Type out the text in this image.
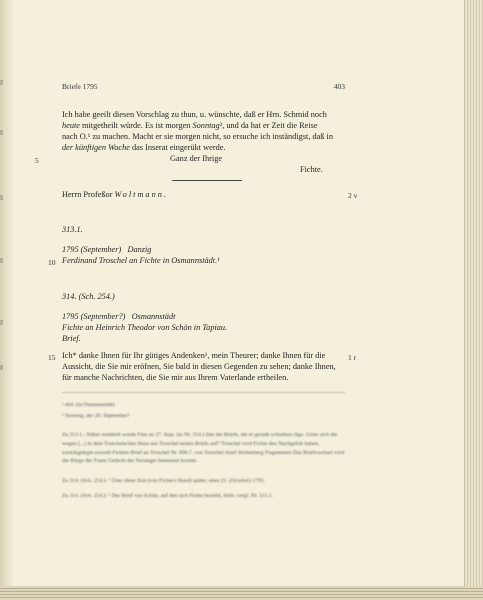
Briefe 1795	403
Ich habe geeilt diesen Vorschlag zu thun, u. wünschte, daß er Hrn. Schmid noch
heute mitgetheilt würde. Es ist morgen Sonntag², und da hat er Zeit die Reise
nach O.¹ zu machen. Macht er sie morgen nicht, so ersuche ich inständigst, daß in
der künftigen Woche das Inserat eingerükt werde.
Ganz der Ihrige
5
Fichte.
Herrn Profeßor Woltmann.	2 v
313.1.
1795 (September) Danzig
Ferdinand Troschel an Fichte in Osmannstädt.¹
10
314. (Sch. 254.)
1795 (September?) Osmannstädt
Fichte an Heinrich Theodor von Schön in Tapiau.
Brief.
Ich* danke Ihnen für Ihr gütiges Andenken¹, mein Theurer; danke Ihnen für die
15	1 r
Aussicht, die Sie mir eröfnen, Sie bald in diesen Gegenden zu sehen; danke Ihnen,
für manche Nachrichten, die Sie mir aus Ihrem Vaterlande ertheilen.
¹ ebd. (in Osmannstädt)
² Sonntag, der 20. September?
Zu 313.1.: Näher ermittelt wurde Fine an 27. Sept. (in Nr. 314.) ihm die Briefe, die er gerade schreiben läge. Unter sich die wegen [...] in dem Troschelschen Haus aus Troschel seines Briefs auf? Troschel wird Fichte den Nachgefolt haben, zurückgelegte sowohl Fichten Brief an Troschel Nr. 096.7. von Troschel Josef Stoltenberg Fragmenten Das Briefwechsel wird die Bürge der Franz Gedicht der Noranger benennen konnte.
Zu 314. (Sch. 254.): ¹ Über diese Zeit (von Fichte's Hand) später, eben 21. (October) 1795.
Zu 314. (Sch. 254.): ¹ Der Brief von Schön, auf den sich Fichte bezieht, fehlt; vergl. Nr. 311.1.
